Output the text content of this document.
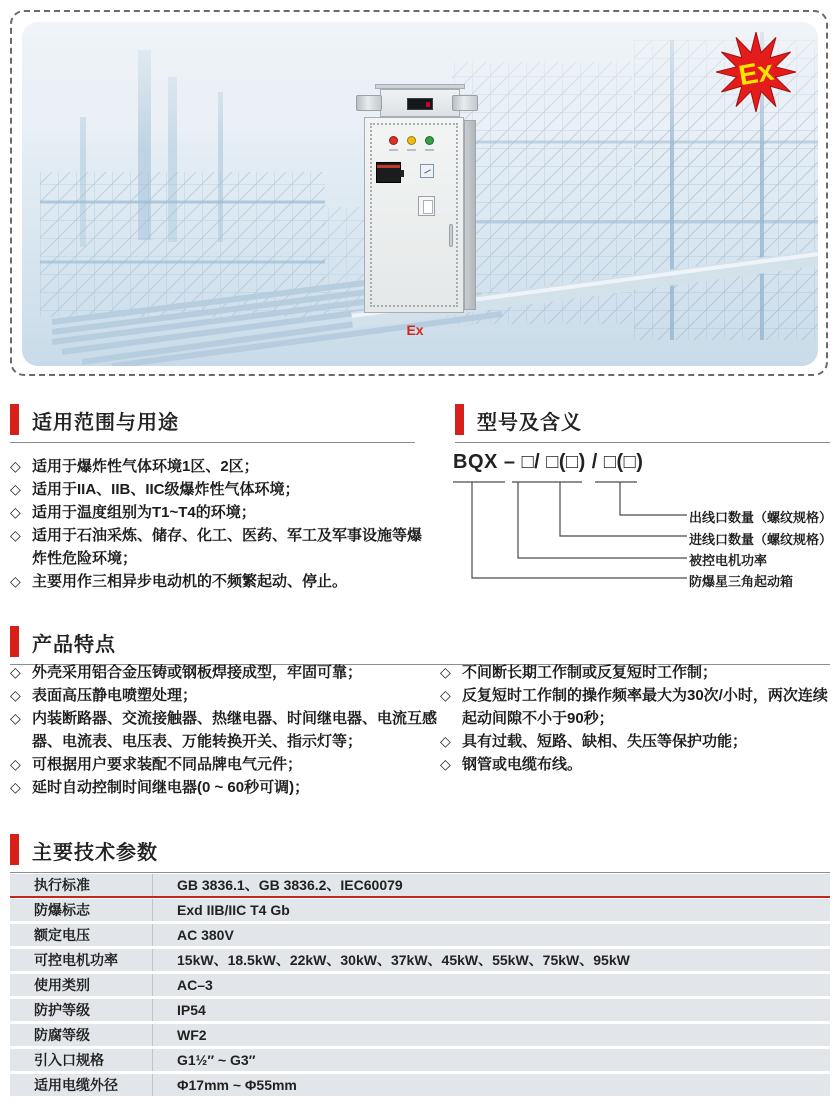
Ex
Ex
适用范围与用途
◇ 适用于爆炸性气体环境1区、2区；
◇ 适用于IIA、IIB、IIC级爆炸性气体环境；
◇ 适用于温度组别为T1~T4的环境；
◇ 适用于石油采炼、储存、化工、医药、军工及军事设施等爆炸性危险环境；
◇ 主要用作三相异步电动机的不频繁起动、停止。
型号及含义
BQX – □/ □(□) / □(□)
出线口数量（螺纹规格）
进线口数量（螺纹规格）
被控电机功率
防爆星三角起动箱
产品特点
◇ 外壳采用铝合金压铸或钢板焊接成型，牢固可靠；
◇ 表面高压静电喷塑处理；
◇ 内装断路器、交流接触器、热继电器、时间继电器、电流互感器、电流表、电压表、万能转换开关、指示灯等；
◇ 可根据用户要求装配不同品牌电气元件；
◇ 延时自动控制时间继电器(0 ~ 60秒可调)；
◇ 不间断长期工作制或反复短时工作制；
◇ 反复短时工作制的操作频率最大为30次/小时，两次连续起动间隙不小于90秒；
◇ 具有过载、短路、缺相、失压等保护功能；
◇ 钢管或电缆布线。
主要技术参数
执行标准	GB 3836.1、GB 3836.2、IEC60079
防爆标志	Exd IIB/IIC T4 Gb
额定电压	AC 380V
可控电机功率	15kW、18.5kW、22kW、30kW、37kW、45kW、55kW、75kW、95kW
使用类别	AC–3
防护等级	IP54
防腐等级	WF2
引入口规格	G1½″ ~ G3″
适用电缆外径	Φ17mm ~ Φ55mm
